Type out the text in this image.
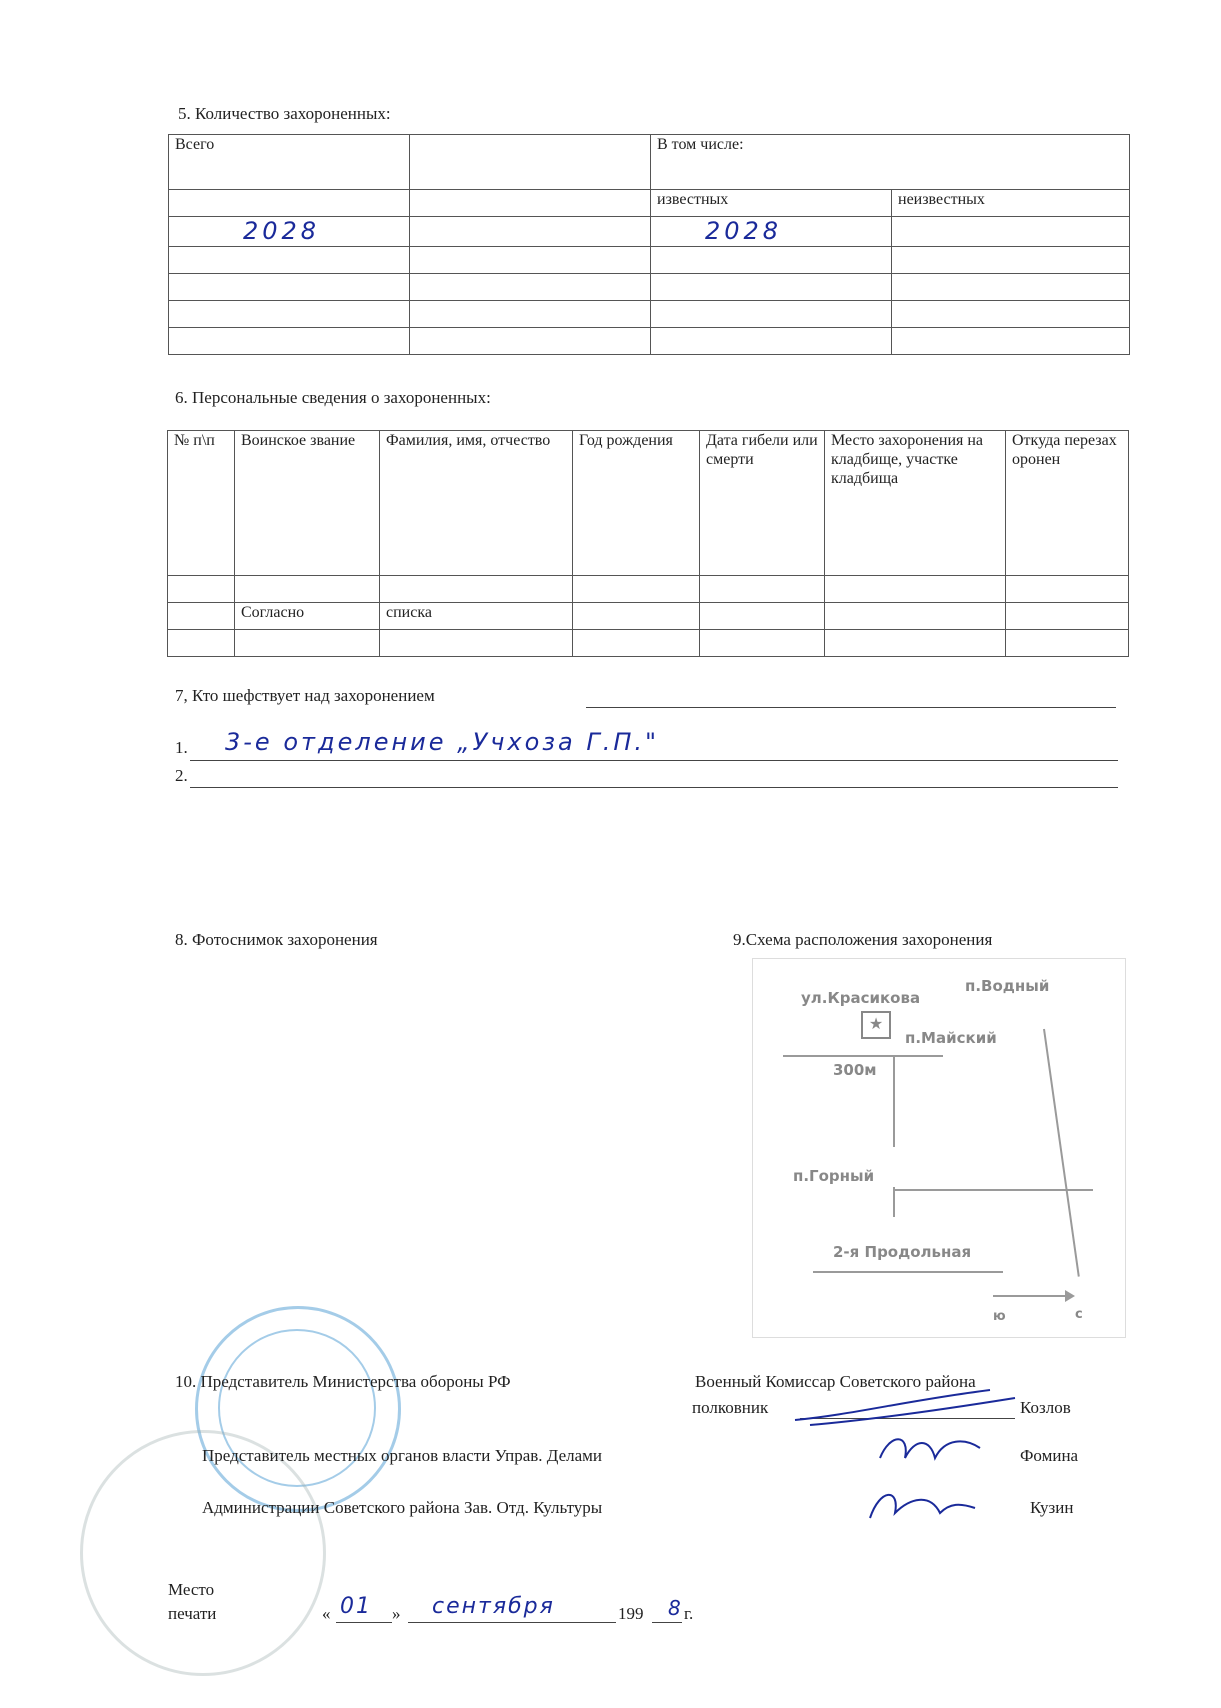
5. Количество захороненных:
Всего		В том числе:	
		известных	неизвестных
2028		2028	

6. Персональные сведения о захороненных:
№ п\п	Воинское звание	Фамилия, имя, отчество	Год рождения	Дата гибели или смерти	Место захоронения на кладбище, участке кладбища	Откуда перезахоронен

	Согласно	списка				

7, Кто шефствует над захоронением
1. 3-е отделение „Учхоза Г.П."
2.
8. Фотоснимок захоронения	9.Схема расположения захоронения
★
ул.Красикова
п.Водный
п.Майский
300м
п.Горный
2-я Продольная
ю	с
10. Представитель Министерства обороны РФ	Военный Комиссар Советского района
полковник	Козлов
Представитель местных органов власти Управ. Делами	Фомина
Администрации Советского района Зав. Отд. Культуры	Кузин
Место
печати	« 01 » сентября	199 8 г.
